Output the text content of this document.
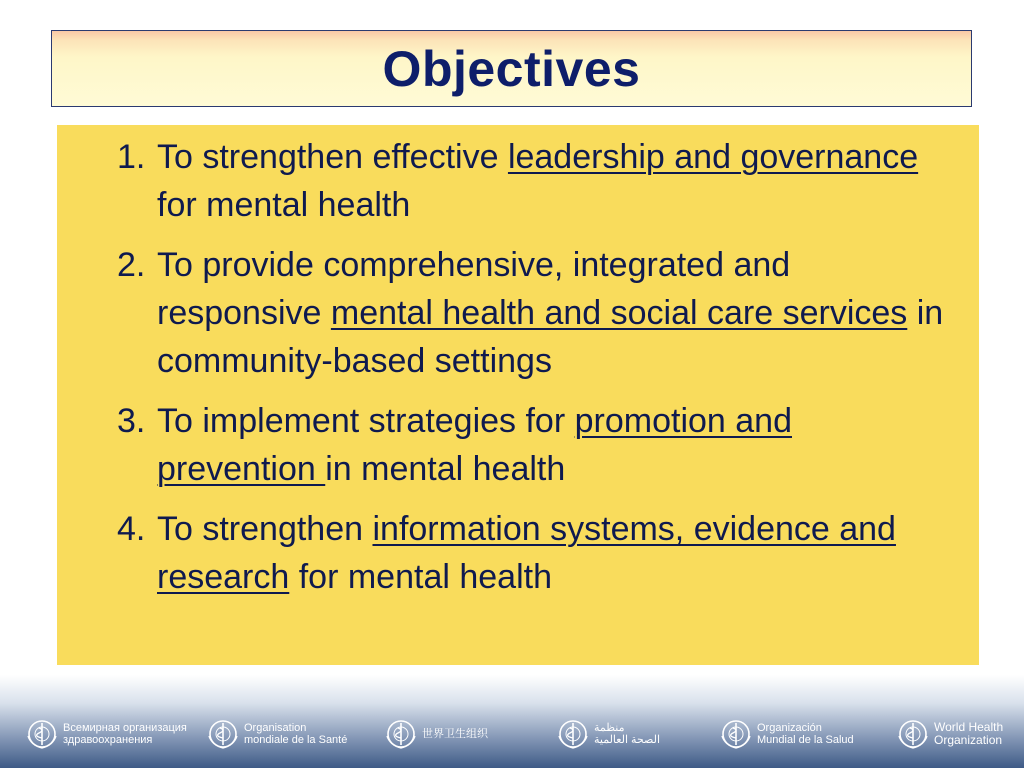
Objectives
1. To strengthen effective leadership and governance for mental health
2. To provide comprehensive, integrated and responsive mental health and social care services in community-based settings
3. To implement strategies for promotion and prevention in mental health
4. To strengthen information systems, evidence and research for mental health
Всемирная организация
здравоохранения
Organisation
mondiale de la Santé	世界卫生组织	منظمة
الصحة العالمية
Organización
Mundial de la Salud
World Health
Organization
